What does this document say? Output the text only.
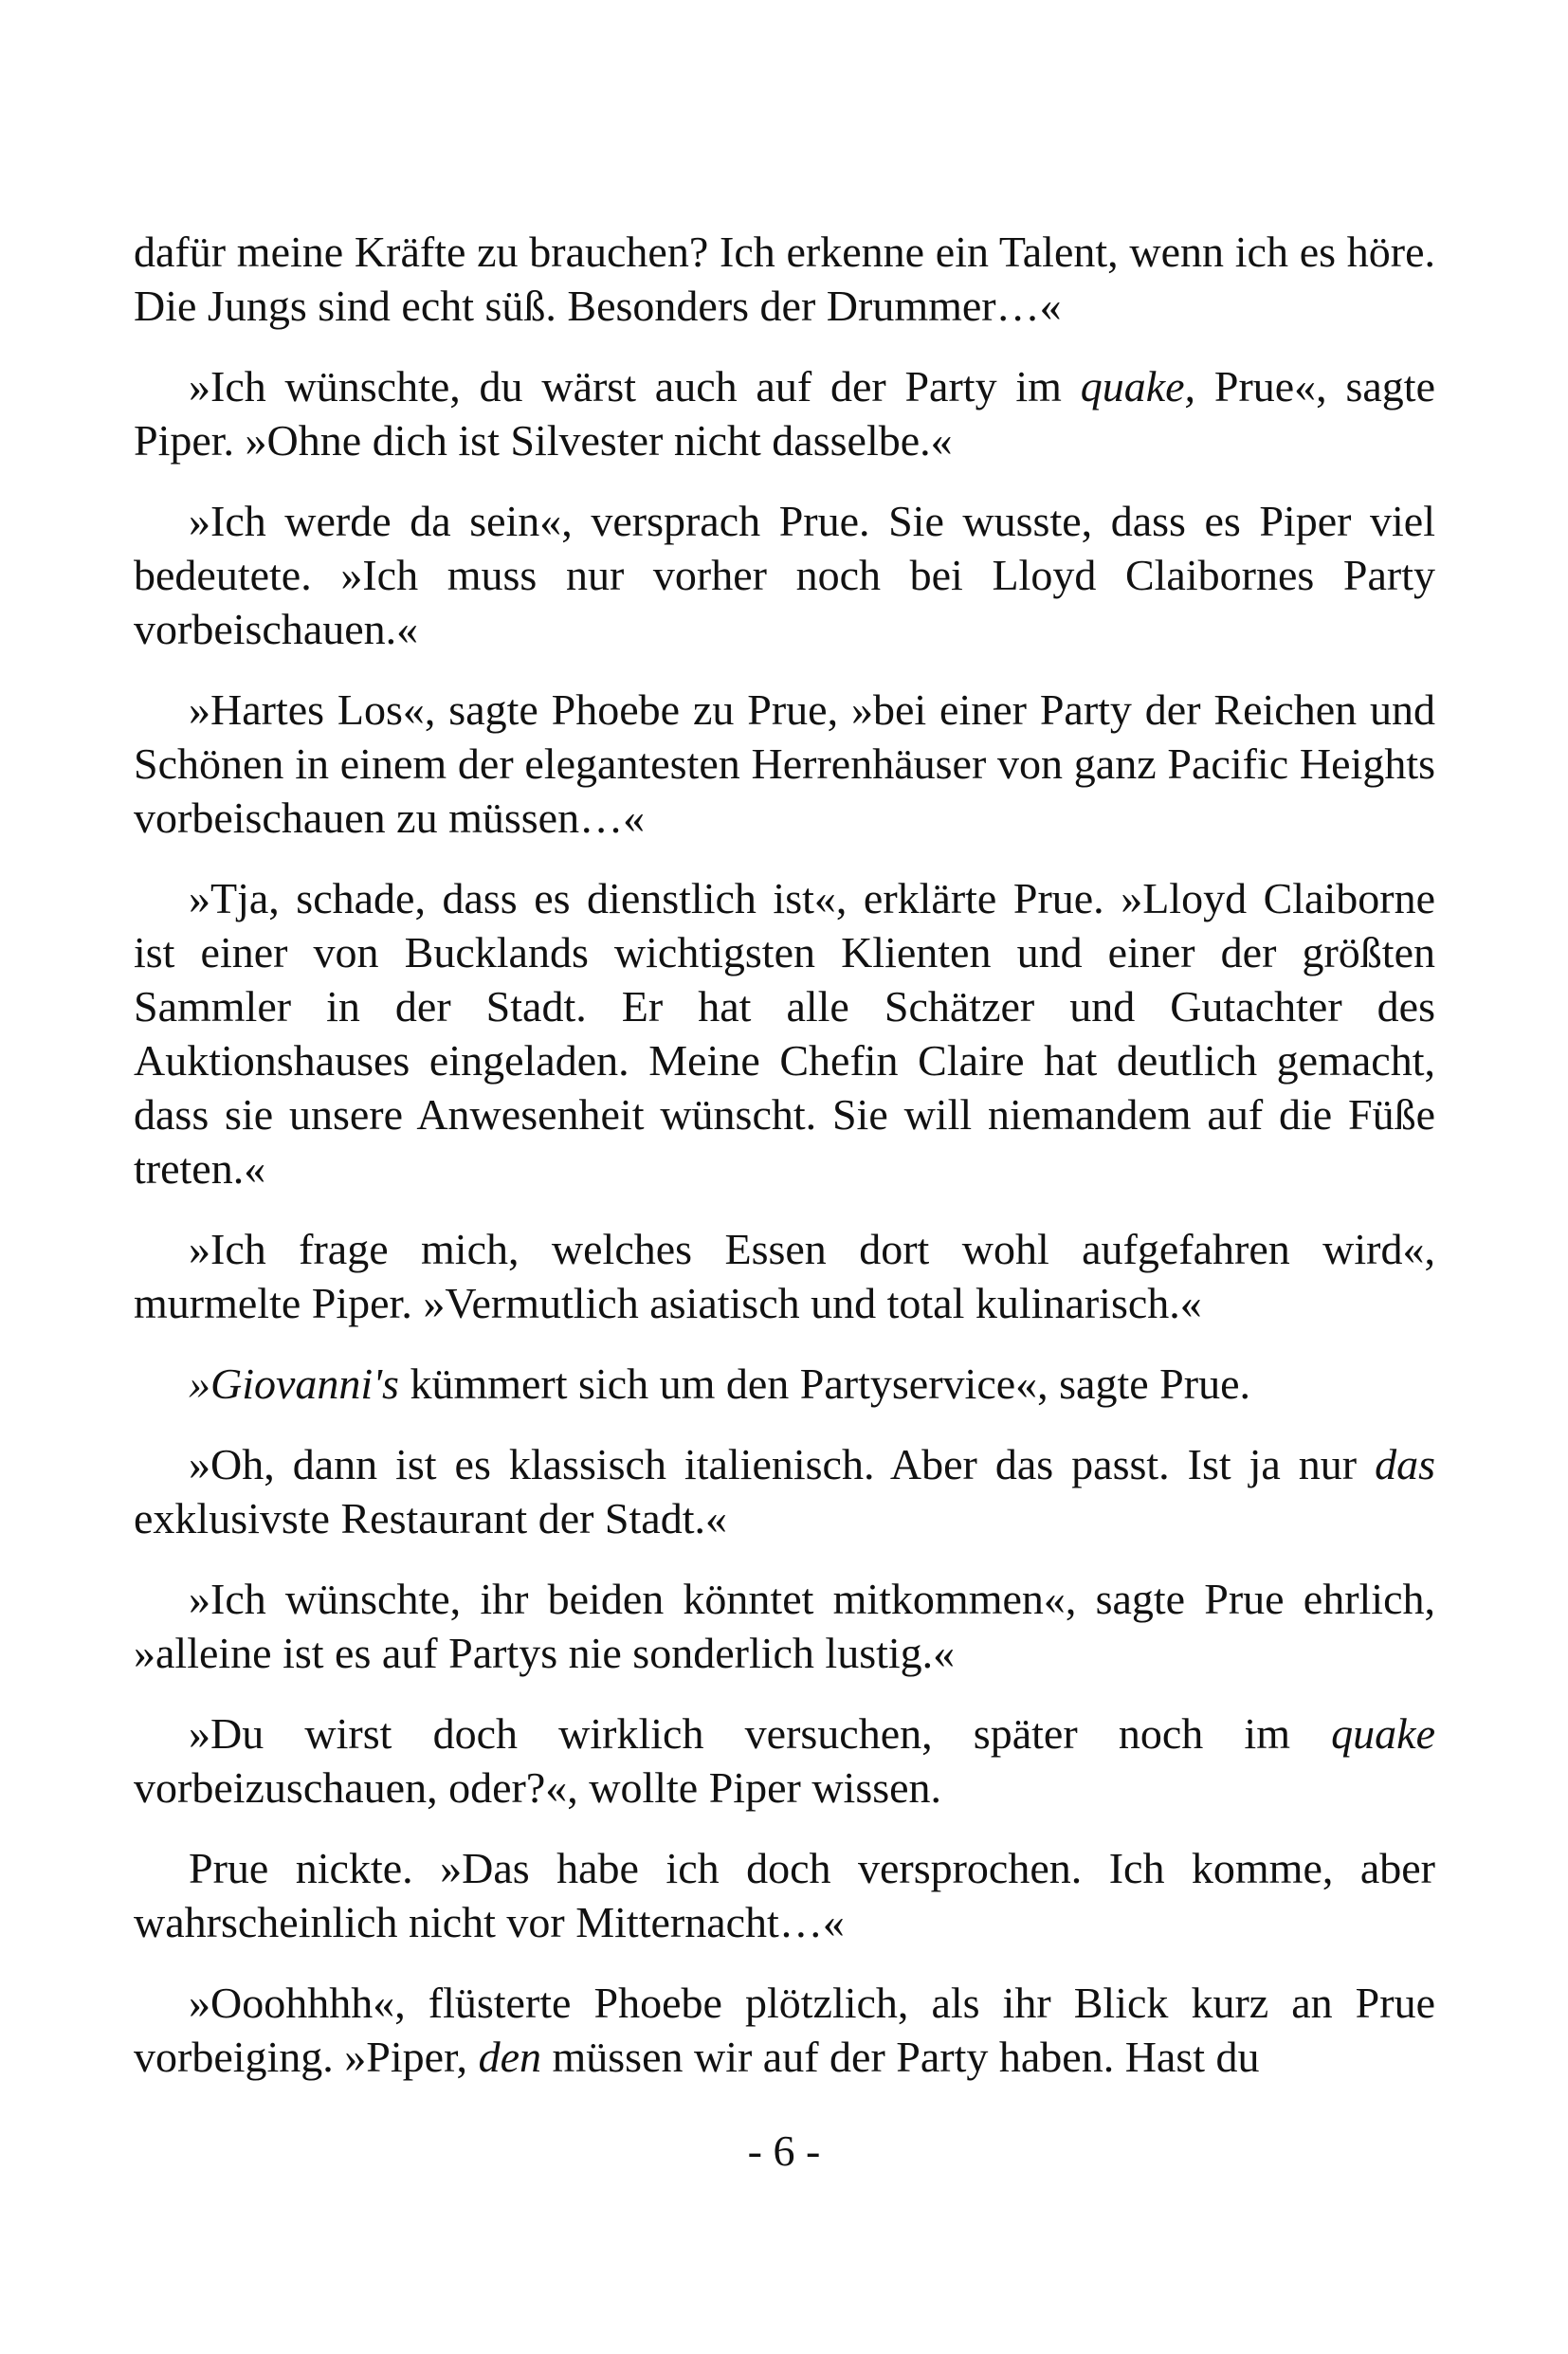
dafür meine Kräfte zu brauchen? Ich erkenne ein Talent, wenn ich es höre. Die Jungs sind echt süß. Besonders der Drummer…«

»Ich wünschte, du wärst auch auf der Party im quake, Prue«, sagte Piper. »Ohne dich ist Silvester nicht dasselbe.«

»Ich werde da sein«, versprach Prue. Sie wusste, dass es Piper viel bedeutete. »Ich muss nur vorher noch bei Lloyd Claibornes Party vorbeischauen.«

»Hartes Los«, sagte Phoebe zu Prue, »bei einer Party der Reichen und Schönen in einem der elegantesten Herrenhäuser von ganz Pacific Heights vorbeischauen zu müssen…«

»Tja, schade, dass es dienstlich ist«, erklärte Prue. »Lloyd Claiborne ist einer von Bucklands wichtigsten Klienten und einer der größten Sammler in der Stadt. Er hat alle Schätzer und Gutachter des Auktionshauses eingeladen. Meine Chefin Claire hat deutlich gemacht, dass sie unsere Anwesenheit wünscht. Sie will niemandem auf die Füße treten.«

»Ich frage mich, welches Essen dort wohl aufgefahren wird«, murmelte Piper. »Vermutlich asiatisch und total kulinarisch.«

»Giovanni's kümmert sich um den Partyservice«, sagte Prue.

»Oh, dann ist es klassisch italienisch. Aber das passt. Ist ja nur das exklusivste Restaurant der Stadt.«

»Ich wünschte, ihr beiden könntet mitkommen«, sagte Prue ehrlich, »alleine ist es auf Partys nie sonderlich lustig.«

»Du wirst doch wirklich versuchen, später noch im quake vorbeizuschauen, oder?«, wollte Piper wissen.

Prue nickte. »Das habe ich doch versprochen. Ich komme, aber wahrscheinlich nicht vor Mitternacht…«

»Ooohhhh«, flüsterte Phoebe plötzlich, als ihr Blick kurz an Prue vorbeiging. »Piper, den müssen wir auf der Party haben. Hast du

- 6 -
